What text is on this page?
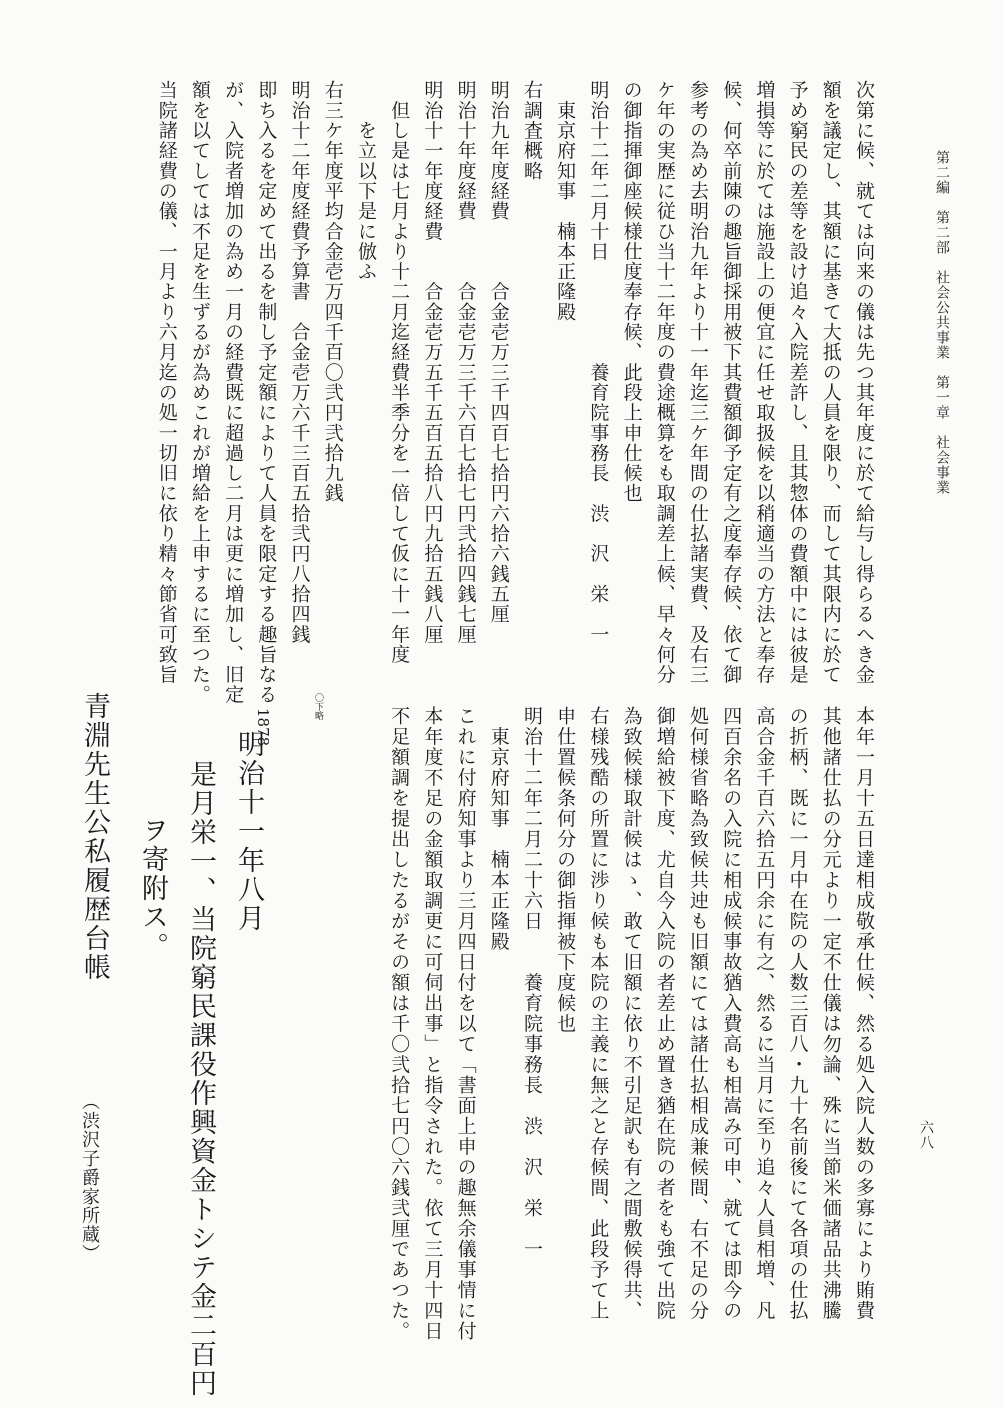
第二編　第二部　社会公共事業　第一章　社会事業
六八
次第に候、就ては向来の儀は先つ其年度に於て給与し得らるへき金
額を議定し、其額に基きて大抵の人員を限り、而して其限内に於て
予め窮民の差等を設け追々入院差許し、且其惣体の費額中には彼是
増損等に於ては施設上の便宜に任せ取扱候を以稍適当の方法と奉存
候、何卒前陳の趣旨御採用被下其費額御予定有之度奉存候、依て御
参考の為め去明治九年より十一年迄三ケ年間の仕払諸実費、及右三
ケ年の実歴に従ひ当十二年度の費途概算をも取調差上候、早々何分
の御指揮御座候様仕度奉存候、此段上申仕候也
明治十二年二月十日　　　　　養育院事務長　渋　沢　栄　一
　東京府知事　楠本正隆殿
右調査概略
明治九年度経費　　　合金壱万三千四百七拾円六拾六銭五厘
明治十年度経費　　　合金壱万三千六百七拾七円弐拾四銭七厘
明治十一年度経費　　合金壱万五千五百五拾八円九拾五銭八厘
　但し是は七月より十二月迄経費半季分を一倍して仮に十一年度
　　を立以下是に倣ふ
右三ケ年度平均合金壱万四千百〇弐円弐拾九銭
明治十二年度経費予算書　合金壱万六千三百五拾弐円八拾四銭
即ち入るを定めて出るを制し予定額によりて人員を限定する趣旨なる
が、入院者増加の為め一月の経費既に超過し二月は更に増加し、旧定
額を以てしては不足を生ずるが為めこれが増給を上申するに至つた。
当院諸経費の儀、一月より六月迄の処一切旧に依り精々節省可致旨
本年一月十五日達相成敬承仕候、然る処入院人数の多寡により賄費
其他諸仕払の分元より一定不仕儀は勿論、殊に当節米価諸品共沸騰
の折柄、既に一月中在院の人数三百八・九十名前後にて各項の仕払
高合金千百六拾五円余に有之、然るに当月に至り追々人員相増、凡
四百余名の入院に相成候事故猶入費高も相嵩み可申、就ては即今の
処何様省略為致候共迚も旧額にては諸仕払相成兼候間、右不足の分
御増給被下度、尤自今入院の者差止め置き猶在院の者をも強て出院
為致候様取計候はゝ、敢て旧額に依り不引足訳も有之間敷候得共、
右様残酷の所置に渉り候も本院の主義に無之と存候間、此段予て上
申仕置候条何分の御指揮被下度候也
明治十二年二月二十六日　　養育院事務長　渋　沢　栄　一
　東京府知事　楠本正隆殿
これに付府知事より三月四日付を以て「書面上申の趣無余儀事情に付
本年度不足の金額取調更に可伺出事」と指令された。依て三月十四日
不足額調を提出したるがその額は千〇弐拾七円〇六銭弐厘であつた。
〇下略
1878
明治十一年八月
是月栄一、当院窮民課役作興資金トシテ金二百円
ヲ寄附ス。
青淵先生公私履歴台帳
（渋沢子爵家所蔵）
